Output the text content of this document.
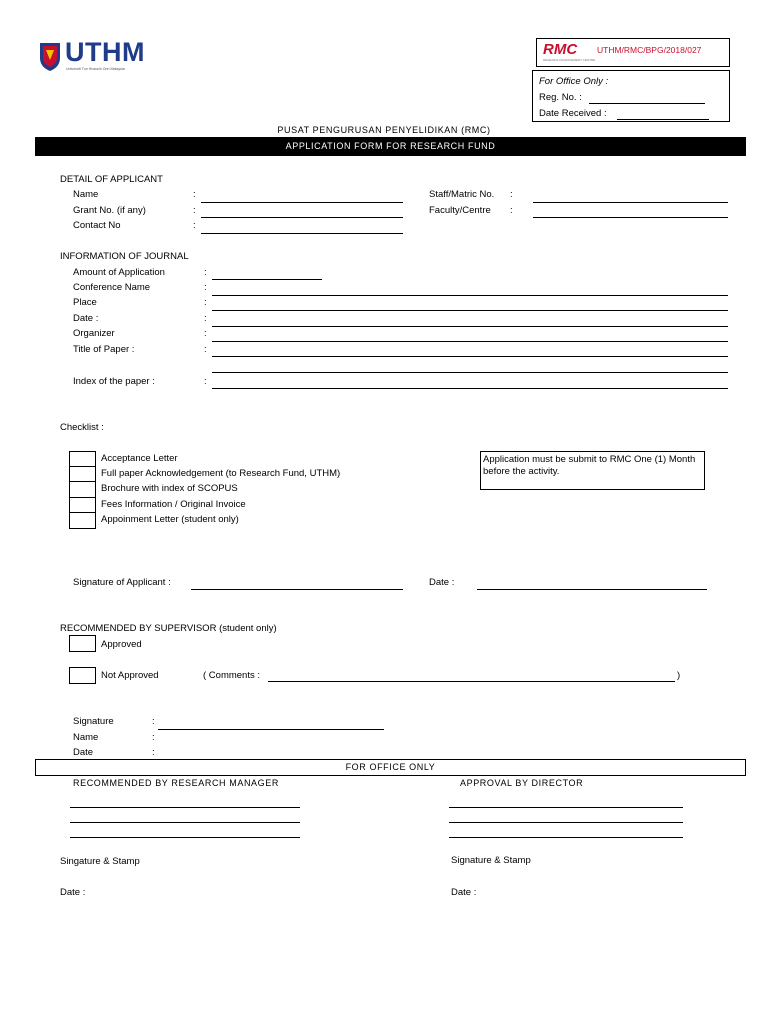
UTHM
Universiti Tun Hussein Onn Malaysia
RMC
RESEARCH MANAGEMENT CENTRE
UTHM/RMC/BPG/2018/027
For Office Only :
Reg. No. :
Date Received :
PUSAT PENGURUSAN PENYELIDIKAN (RMC)
APPLICATION FORM FOR RESEARCH FUND
DETAIL OF APPLICANT
Name	:
Grant No. (if any)	:
Contact No	:
Staff/Matric No. :
Faculty/Centre :
INFORMATION OF JOURNAL
Amount of Application	:
Conference Name	:
Place	:
Date :	:
Organizer	:
Title of Paper :	:
Index of the paper :	:
Checklist :
Acceptance Letter
Full paper Acknowledgement (to Research Fund, UTHM)
Brochure with index of SCOPUS
Fees Information / Original Invoice
Appoinment Letter (student only)
Application must be submit to RMC One (1) Month before the activity.
Signature of Applicant :	Date :
RECOMMENDED BY SUPERVISOR (student only)
Approved
Not Approved	( Comments :	)
Signature	:
Name	:
Date	:
FOR OFFICE ONLY
RECOMMENDED BY RESEARCH MANAGER	APPROVAL BY DIRECTOR
Singature & Stamp	Signature & Stamp
Date :	Date :
